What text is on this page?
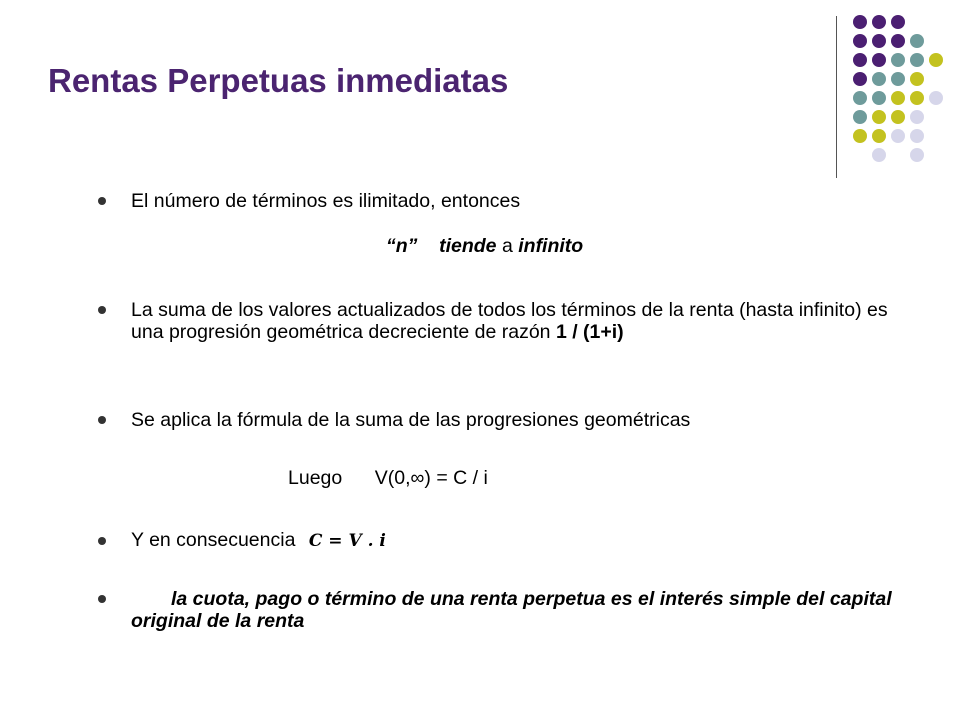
Rentas Perpetuas inmediatas
El número de términos es ilimitado, entonces
“n” tiende a infinito
La suma de los valores actualizados de todos los términos de la renta (hasta infinito) es una progresión geométrica decreciente de razón 1 / (1+i)
Se aplica la fórmula de la suma de las progresiones geométricas
Luego V(0,∞) = C / i
Y en consecuencia C = V . i
la cuota, pago o término de una renta perpetua es el interés simple del capital original de la renta
